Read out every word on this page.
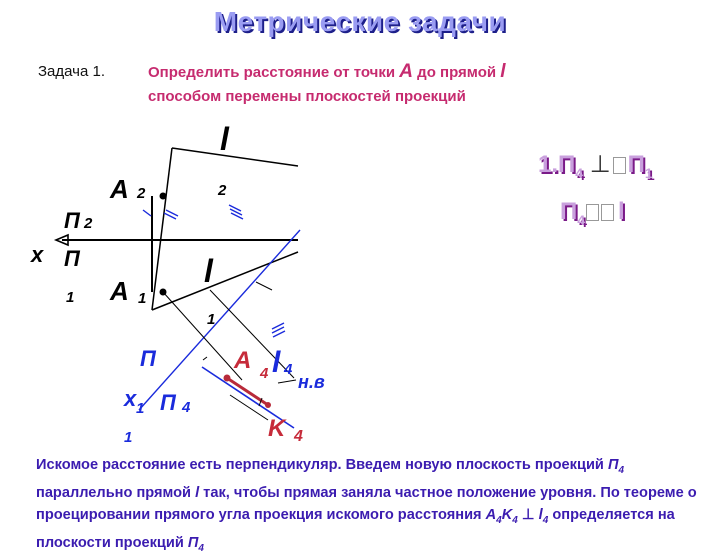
Метрические задачи
Задача 1.	Определить расстояние от точки A до прямой l
способом перемены плоскостей проекций
$1.П_4$ ⊥ $П_1$
$П_4$ l
l
2
A 2
П 2
x П
1 A 1
l
1
П
x 1
1
П 4
l 4
н.в
A 4
K 4
Искомое расстояние есть перпендикуляр. Введем новую плоскость проекций $П_4$ параллельно прямой l так, чтобы прямая заняла частное положение уровня. По теореме о проецировании прямого угла проекция искомого расстояния $A_4K_4$ ⊥ $l_4$ определяется на плоскости проекций $П_4$
